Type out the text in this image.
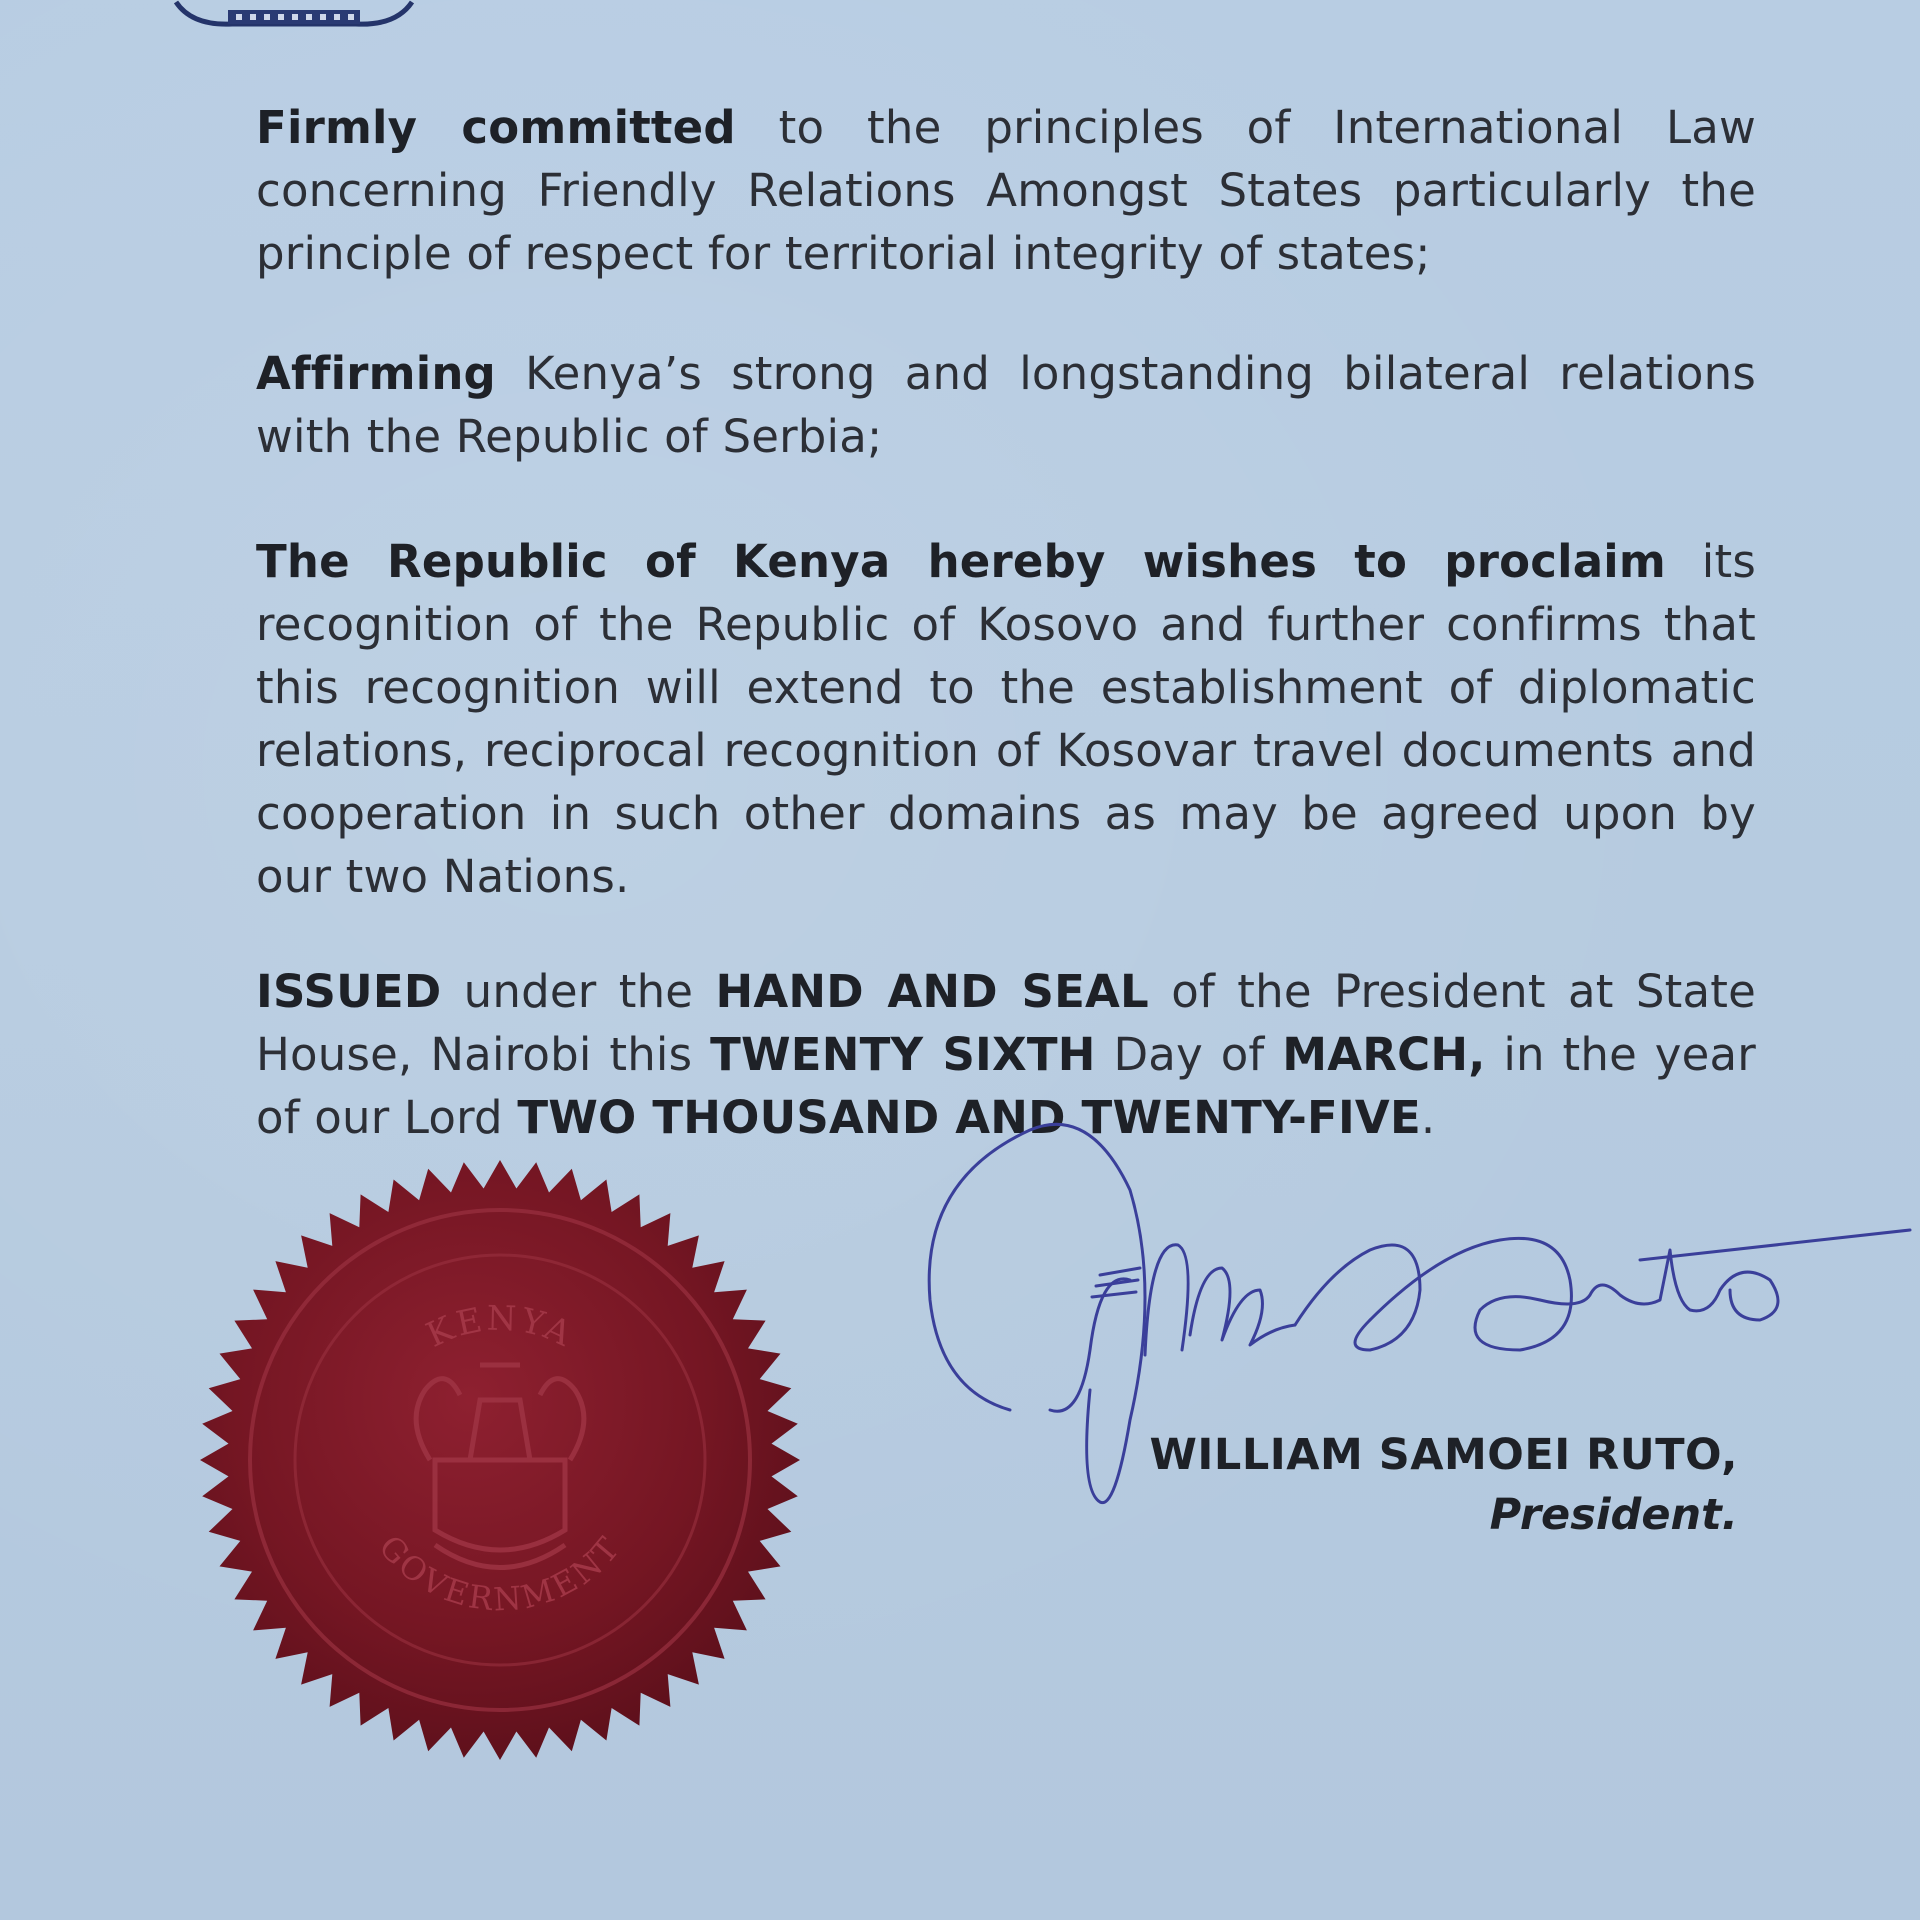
Firmly committed to the principles of International Law concerning Friendly Relations Amongst States particularly the principle of respect for territorial integrity of states;
Affirming Kenya’s strong and longstanding bilateral relations with the Republic of Serbia;
The Republic of Kenya hereby wishes to proclaim its recognition of the Republic of Kosovo and further confirms that this recognition will extend to the establishment of diplomatic relations, reciprocal recognition of Kosovar travel documents and cooperation in such other domains as may be agreed upon by our two Nations.
ISSUED under the HAND AND SEAL of the President at State House, Nairobi this TWENTY SIXTH Day of MARCH, in the year of our Lord TWO THOUSAND AND TWENTY-FIVE.
KENYA
GOVERNMENT
WILLIAM SAMOEI RUTO,
President.
